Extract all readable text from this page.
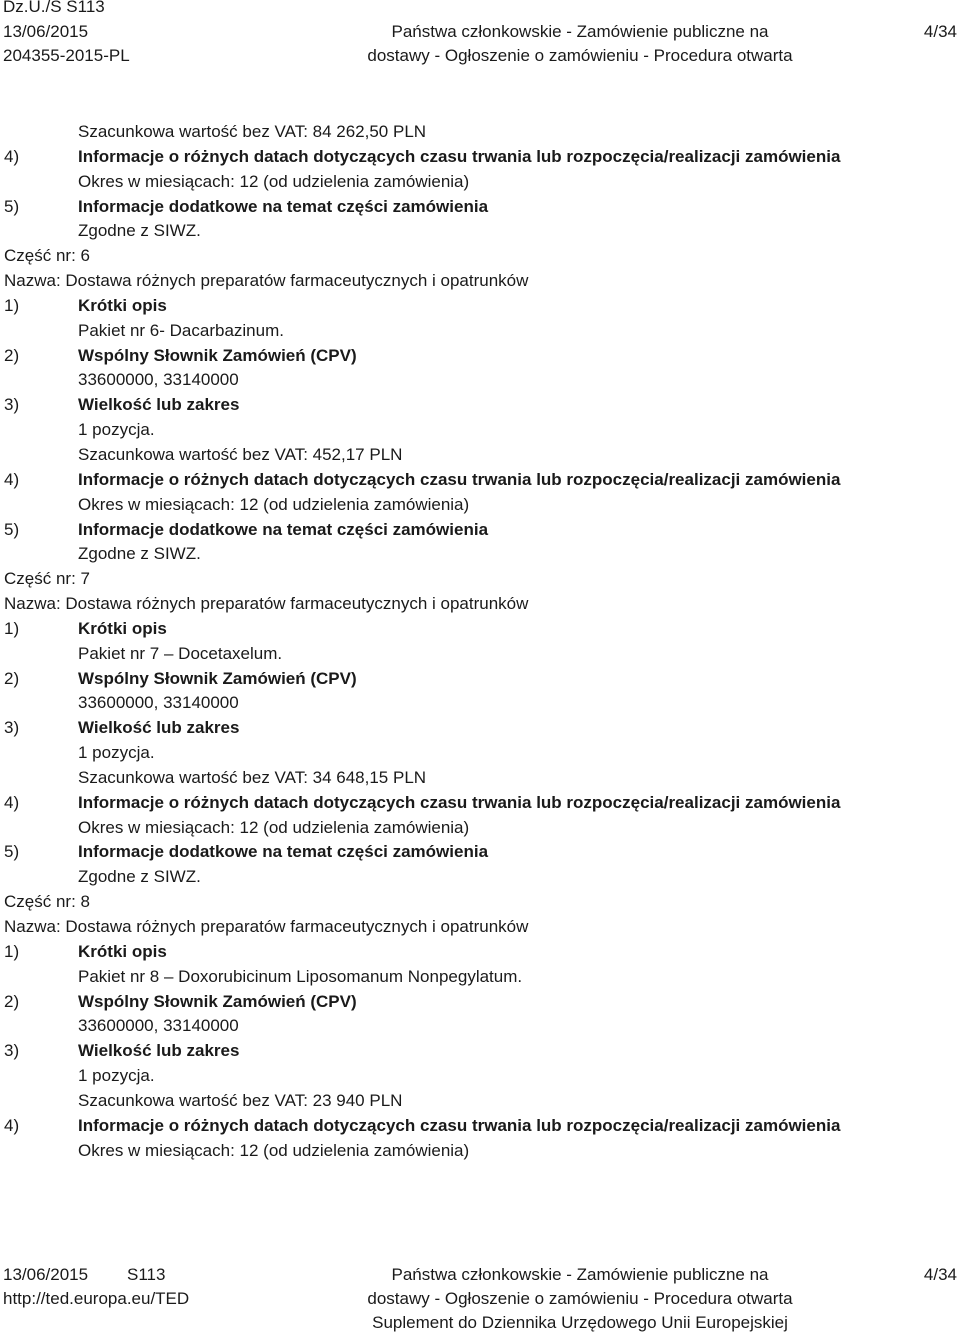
Dz.U./S S113
13/06/2015
204355-2015-PL
Państwa członkowskie - Zamówienie publiczne na
dostawy - Ogłoszenie o zamówieniu - Procedura otwarta
4/34
Szacunkowa wartość bez VAT: 84 262,50 PLN
4)	Informacje o różnych datach dotyczących czasu trwania lub rozpoczęcia/realizacji zamówienia
Okres w miesiącach: 12 (od udzielenia zamówienia)
5)	Informacje dodatkowe na temat części zamówienia
Zgodne z SIWZ.
Część nr: 6
Nazwa: Dostawa różnych preparatów farmaceutycznych i opatrunków
1)	Krótki opis
Pakiet nr 6- Dacarbazinum.
2)	Wspólny Słownik Zamówień (CPV)
33600000, 33140000
3)	Wielkość lub zakres
1 pozycja.
Szacunkowa wartość bez VAT: 452,17 PLN
4)	Informacje o różnych datach dotyczących czasu trwania lub rozpoczęcia/realizacji zamówienia
Okres w miesiącach: 12 (od udzielenia zamówienia)
5)	Informacje dodatkowe na temat części zamówienia
Zgodne z SIWZ.
Część nr: 7
Nazwa: Dostawa różnych preparatów farmaceutycznych i opatrunków
1)	Krótki opis
Pakiet nr 7 – Docetaxelum.
2)	Wspólny Słownik Zamówień (CPV)
33600000, 33140000
3)	Wielkość lub zakres
1 pozycja.
Szacunkowa wartość bez VAT: 34 648,15 PLN
4)	Informacje o różnych datach dotyczących czasu trwania lub rozpoczęcia/realizacji zamówienia
Okres w miesiącach: 12 (od udzielenia zamówienia)
5)	Informacje dodatkowe na temat części zamówienia
Zgodne z SIWZ.
Część nr: 8
Nazwa: Dostawa różnych preparatów farmaceutycznych i opatrunków
1)	Krótki opis
Pakiet nr 8 – Doxorubicinum Liposomanum Nonpegylatum.
2)	Wspólny Słownik Zamówień (CPV)
33600000, 33140000
3)	Wielkość lub zakres
1 pozycja.
Szacunkowa wartość bez VAT: 23 940 PLN
4)	Informacje o różnych datach dotyczących czasu trwania lub rozpoczęcia/realizacji zamówienia
Okres w miesiącach: 12 (od udzielenia zamówienia)
13/06/2015 S113
http://ted.europa.eu/TED
Państwa członkowskie - Zamówienie publiczne na
dostawy - Ogłoszenie o zamówieniu - Procedura otwarta
Suplement do Dziennika Urzędowego Unii Europejskiej
4/34
